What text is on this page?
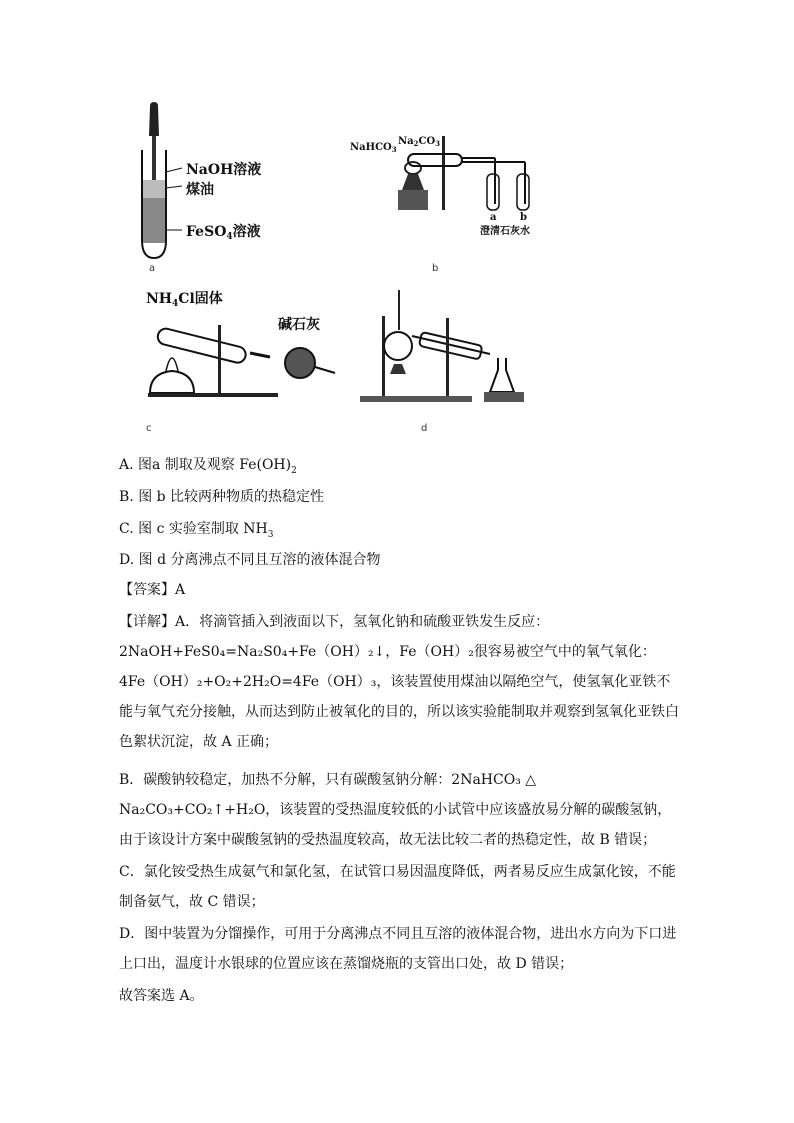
NaOH溶液
煤油
FeSO$_4$溶液
a
NaHCO$_3$
$Na_2CO_3$
a b
澄清石灰水
b
$NH_4Cl$固体
碱石灰
c	d
A. 图a 制取及观察 $Fe(OH)_2$
B. 图 b 比较两种物质的热稳定性
C. 图 c 实验室制取 $NH_3$
D. 图 d 分离沸点不同且互溶的液体混合物
【答案】A
【详解】A．将滴管插入到液面以下，氢氧化钠和硫酸亚铁发生反应：2NaOH+FeS0₄=Na₂S0₄+Fe（OH）₂↓，Fe（OH）₂很容易被空气中的氧气氧化：4Fe（OH）₂+O₂+2H₂O=4Fe（OH）₃，该装置使用煤油以隔绝空气，使氢氧化亚铁不能与氧气充分接触，从而达到防止被氧化的目的，所以该实验能制取并观察到氢氧化亚铁白色絮状沉淀，故 A 正确；
B．碳酸钠较稳定，加热不分解，只有碳酸氢钠分解：2NaHCO₃ △ Na₂CO₃+CO₂↑+H₂O，该装置的受热温度较低的小试管中应该盛放易分解的碳酸氢钠，由于该设计方案中碳酸氢钠的受热温度较高，故无法比较二者的热稳定性，故 B 错误；
C．氯化铵受热生成氨气和氯化氢，在试管口易因温度降低，两者易反应生成氯化铵，不能制备氨气，故 C 错误；
D．图中装置为分馏操作，可用于分离沸点不同且互溶的液体混合物，进出水方向为下口进上口出，温度计水银球的位置应该在蒸馏烧瓶的支管出口处，故 D 错误；
故答案选 A。
